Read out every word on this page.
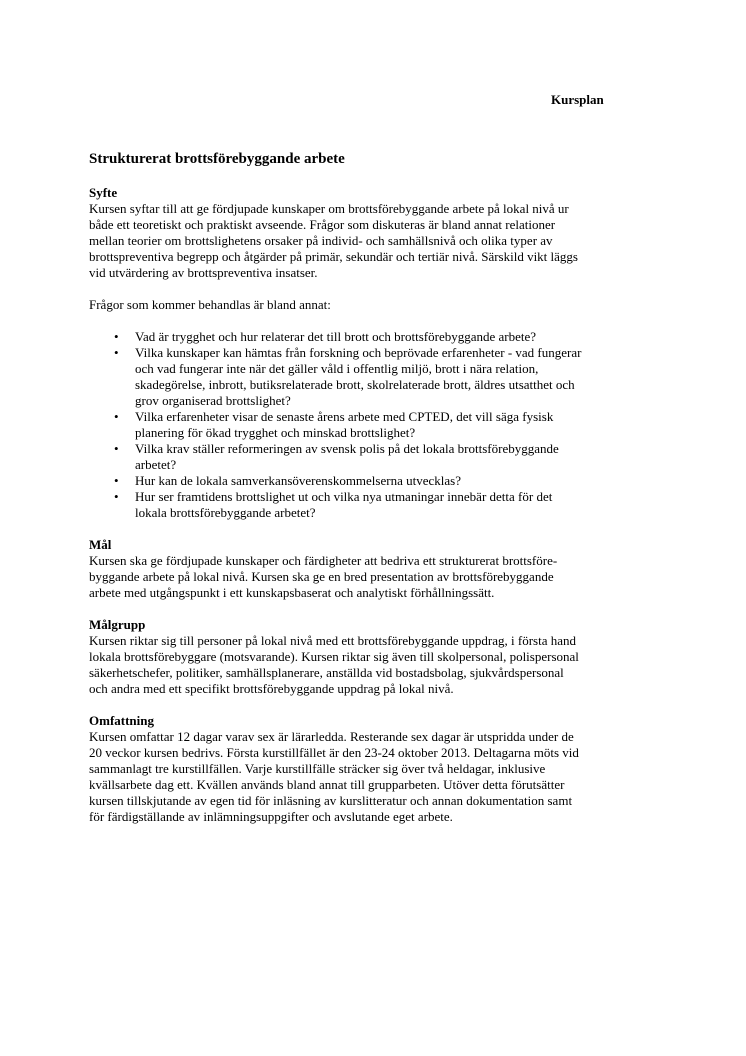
Kursplan
Strukturerat brottsförebyggande arbete

Syfte

Kursen syftar till att ge fördjupade kunskaper om brottsförebyggande arbete på lokal nivå ur
både ett teoretiskt och praktiskt avseende. Frågor som diskuteras är bland annat relationer
mellan teorier om brottslighetens orsaker på individ- och samhällsnivå och olika typer av
brottspreventiva begrepp och åtgärder på primär, sekundär och tertiär nivå. Särskild vikt läggs
vid utvärdering av brottspreventiva insatser.

Frågor som kommer behandlas är bland annat:

• Vad är trygghet och hur relaterar det till brott och brottsförebyggande arbete?
• Vilka kunskaper kan hämtas från forskning och beprövade erfarenheter - vad fungerar
och vad fungerar inte när det gäller våld i offentlig miljö, brott i nära relation,
skadegörelse, inbrott, butiksrelaterade brott, skolrelaterade brott, äldres utsatthet och
grov organiserad brottslighet?
• Vilka erfarenheter visar de senaste årens arbete med CPTED, det vill säga fysisk
planering för ökad trygghet och minskad brottslighet?
• Vilka krav ställer reformeringen av svensk polis på det lokala brottsförebyggande
arbetet?
• Hur kan de lokala samverkansöverenskommelserna utvecklas?
• Hur ser framtidens brottslighet ut och vilka nya utmaningar innebär detta för det
lokala brottsförebyggande arbetet?

Mål

Kursen ska ge fördjupade kunskaper och färdigheter att bedriva ett strukturerat brottsföre-
byggande arbete på lokal nivå. Kursen ska ge en bred presentation av brottsförebyggande
arbete med utgångspunkt i ett kunskapsbaserat och analytiskt förhållningssätt.

Målgrupp

Kursen riktar sig till personer på lokal nivå med ett brottsförebyggande uppdrag, i första hand
lokala brottsförebyggare (motsvarande). Kursen riktar sig även till skolpersonal, polispersonal
säkerhetschefer, politiker, samhällsplanerare, anställda vid bostadsbolag, sjukvårdspersonal
och andra med ett specifikt brottsförebyggande uppdrag på lokal nivå.

Omfattning

Kursen omfattar 12 dagar varav sex är lärarledda. Resterande sex dagar är utspridda under de
20 veckor kursen bedrivs. Första kurstillfället är den 23-24 oktober 2013. Deltagarna möts vid
sammanlagt tre kurstillfällen. Varje kurstillfälle sträcker sig över två heldagar, inklusive
kvällsarbete dag ett. Kvällen används bland annat till grupparbeten. Utöver detta förutsätter
kursen tillskjutande av egen tid för inläsning av kurslitteratur och annan dokumentation samt
för färdigställande av inlämningsuppgifter och avslutande eget arbete.
